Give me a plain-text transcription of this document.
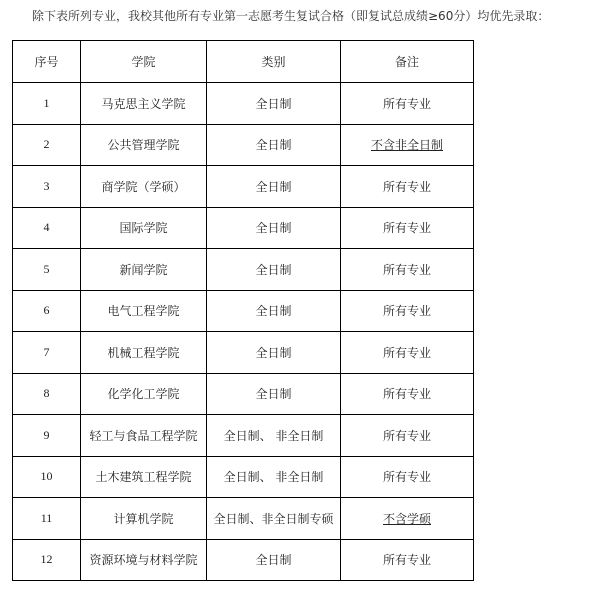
除下表所列专业，我校其他所有专业第一志愿考生复试合格（即复试总成绩≥60分）均优先录取：
序号	学院	类别	备注
1	马克思主义学院	全日制	所有专业
2	公共管理学院	全日制	不含非全日制
3	商学院（学硕）	全日制	所有专业
4	国际学院	全日制	所有专业
5	新闻学院	全日制	所有专业
6	电气工程学院	全日制	所有专业
7	机械工程学院	全日制	所有专业
8	化学化工学院	全日制	所有专业
9	轻工与食品工程学院	全日制、 非全日制	所有专业
10	土木建筑工程学院	全日制、 非全日制	所有专业
11	计算机学院	全日制、非全日制专硕	不含学硕
12	资源环境与材料学院	全日制	所有专业
